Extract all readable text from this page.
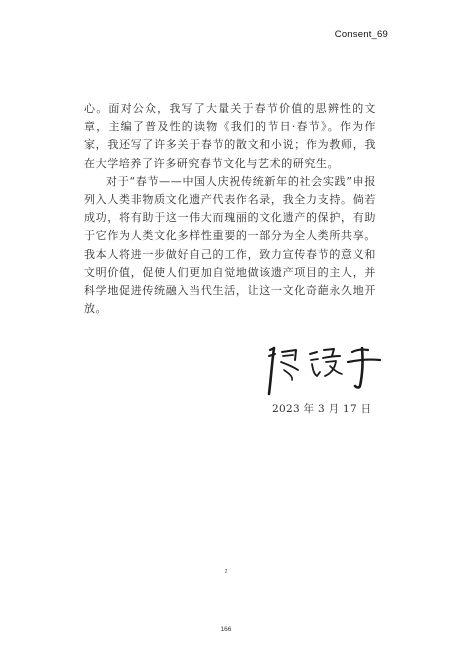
Consent_69

心。面对公众，我写了大量关于春节价值的思辨性的文章，主编了普及性的读物《我们的节日·春节》。作为作家，我还写了许多关于春节的散文和小说；作为教师，我在大学培养了许多研究春节文化与艺术的研究生。

对于“春节——中国人庆祝传统新年的社会实践”申报列入人类非物质文化遗产代表作名录，我全力支持。倘若成功，将有助于这一伟大而瑰丽的文化遗产的保护，有助于它作为人类文化多样性重要的一部分为全人类所共享。我本人将进一步做好自己的工作，致力宣传春节的意义和文明价值，促使人们更加自觉地做该遗产项目的主人，并科学地促进传统融入当代生活，让这一文化奇葩永久地开放。

2023 年 3 月 17 日
2
166
